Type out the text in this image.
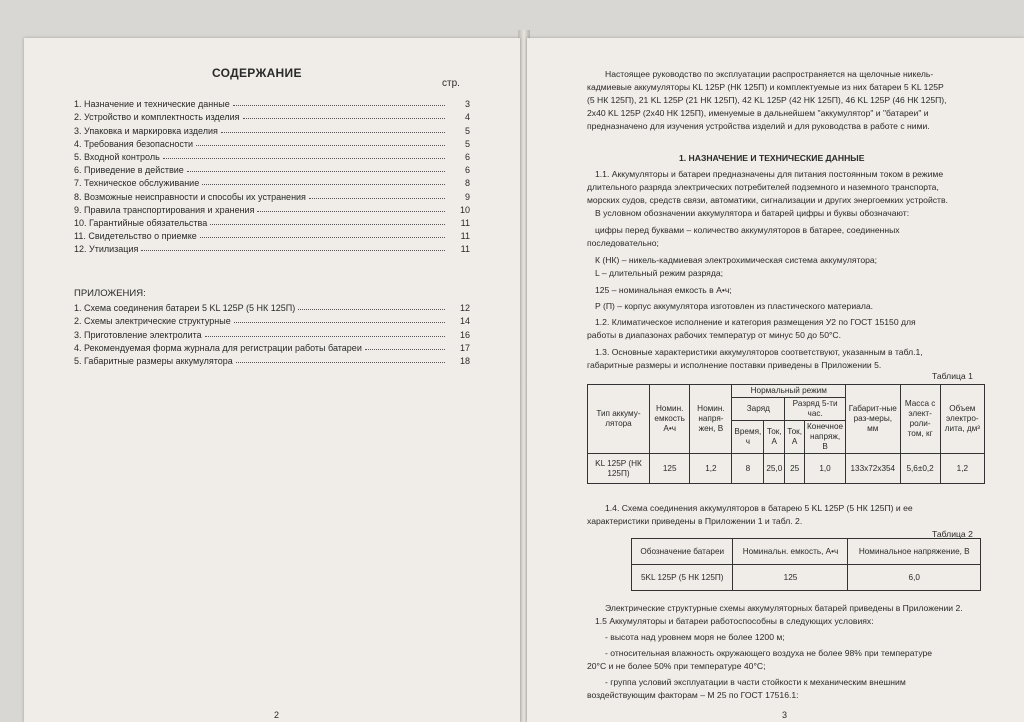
СОДЕРЖАНИЕ
стр.
1. Назначение и технические данные	3
2. Устройство и комплектность изделия	4
3. Упаковка и маркировка изделия	5
4. Требования безопасности	5
5. Входной контроль	6
6. Приведение в действие	6
7. Техническое обслуживание	8
8. Возможные неисправности и способы их устранения	9
9. Правила транспортирования и хранения	10
10. Гарантийные обязательства	11
11. Свидетельство о приемке	11
12. Утилизация	11
ПРИЛОЖЕНИЯ:
1. Схема соединения батареи 5 KL 125P (5 НК 125П)	12
2. Схемы электрические структурные	14
3. Приготовление электролита	16
4. Рекомендуемая форма журнала для регистрации работы батареи	17
5. Габаритные размеры аккумулятора	18
2
Настоящее руководство по эксплуатации распространяется на щелочные никель-
кадмиевые аккумуляторы KL 125P (НК 125П) и комплектуемые из них батареи 5 KL 125P
(5 НК 125П), 21 KL 125P (21 НК 125П), 42 KL 125P (42 НК 125П), 46 KL 125P (46 НК 125П),
2x40 KL 125P (2x40 НК 125П), именуемые в дальнейшем "аккумулятор" и "батареи" и
предназначено для изучения устройства изделий и для руководства в работе с ними.
1. НАЗНАЧЕНИЕ И ТЕХНИЧЕСКИЕ ДАННЫЕ
1.1. Аккумуляторы и батареи предназначены для питания постоянным током в режиме
длительного разряда электрических потребителей подземного и наземного транспорта,
морских судов, средств связи, автоматики, сигнализации и других энергоемких устройств.
В условном обозначении аккумулятора и батарей цифры и буквы обозначают:
цифры перед буквами – количество аккумуляторов в батарее, соединенных
последовательно;
К (НК) – никель-кадмиевая электрохимическая система аккумулятора;
L – длительный режим разряда;
125 – номинальная емкость в А•ч;
P (П) – корпус аккумулятора изготовлен из пластического материала.
1.2. Климатическое исполнение и категория размещения У2 по ГОСТ 15150 для
работы в диапазонах рабочих температур от минус 50 до 50°С.
1.3. Основные характеристики аккумуляторов соответствуют, указанным в табл.1,
габаритные размеры и исполнение поставки приведены в Приложении 5.
Таблица 1
Тип аккуму-лятора	Номин. емкость А•ч	Номин. напря-жен, В	Нормальный режим				Габарит-ные раз-меры, мм	Масса с элект-роли-том, кг	Объем электро-лита, дм³
			Заряд		Разряд 5-ти час.				
			Время, ч	Ток, А	Ток, А	Конечное напряж, В			
KL 125P (НК 125П)	125	1,2	8	25,0	25	1,0	133x72x354	5,6±0,2	1,2
1.4. Схема соединения аккумуляторов в батарею 5 KL 125P (5 НК 125П) и ее
характеристики приведены в Приложении 1 и табл. 2.
Таблица 2
Обозначение батареи	Номинальн. емкость, А•ч	Номинальное напряжение, В
5KL 125P (5 НК 125П)	125	6,0
Электрические структурные схемы аккумуляторных батарей приведены в Приложении 2.
1.5 Аккумуляторы и батареи работоспособны в следующих условиях:
- высота над уровнем моря не более 1200 м;
- относительная влажность окружающего воздуха не более 98% при температуре
20°С и не более 50% при температуре 40°С;
- группа условий эксплуатации в части стойкости к механическим внешним
воздействующим факторам – М 25 по ГОСТ 17516.1:
3
